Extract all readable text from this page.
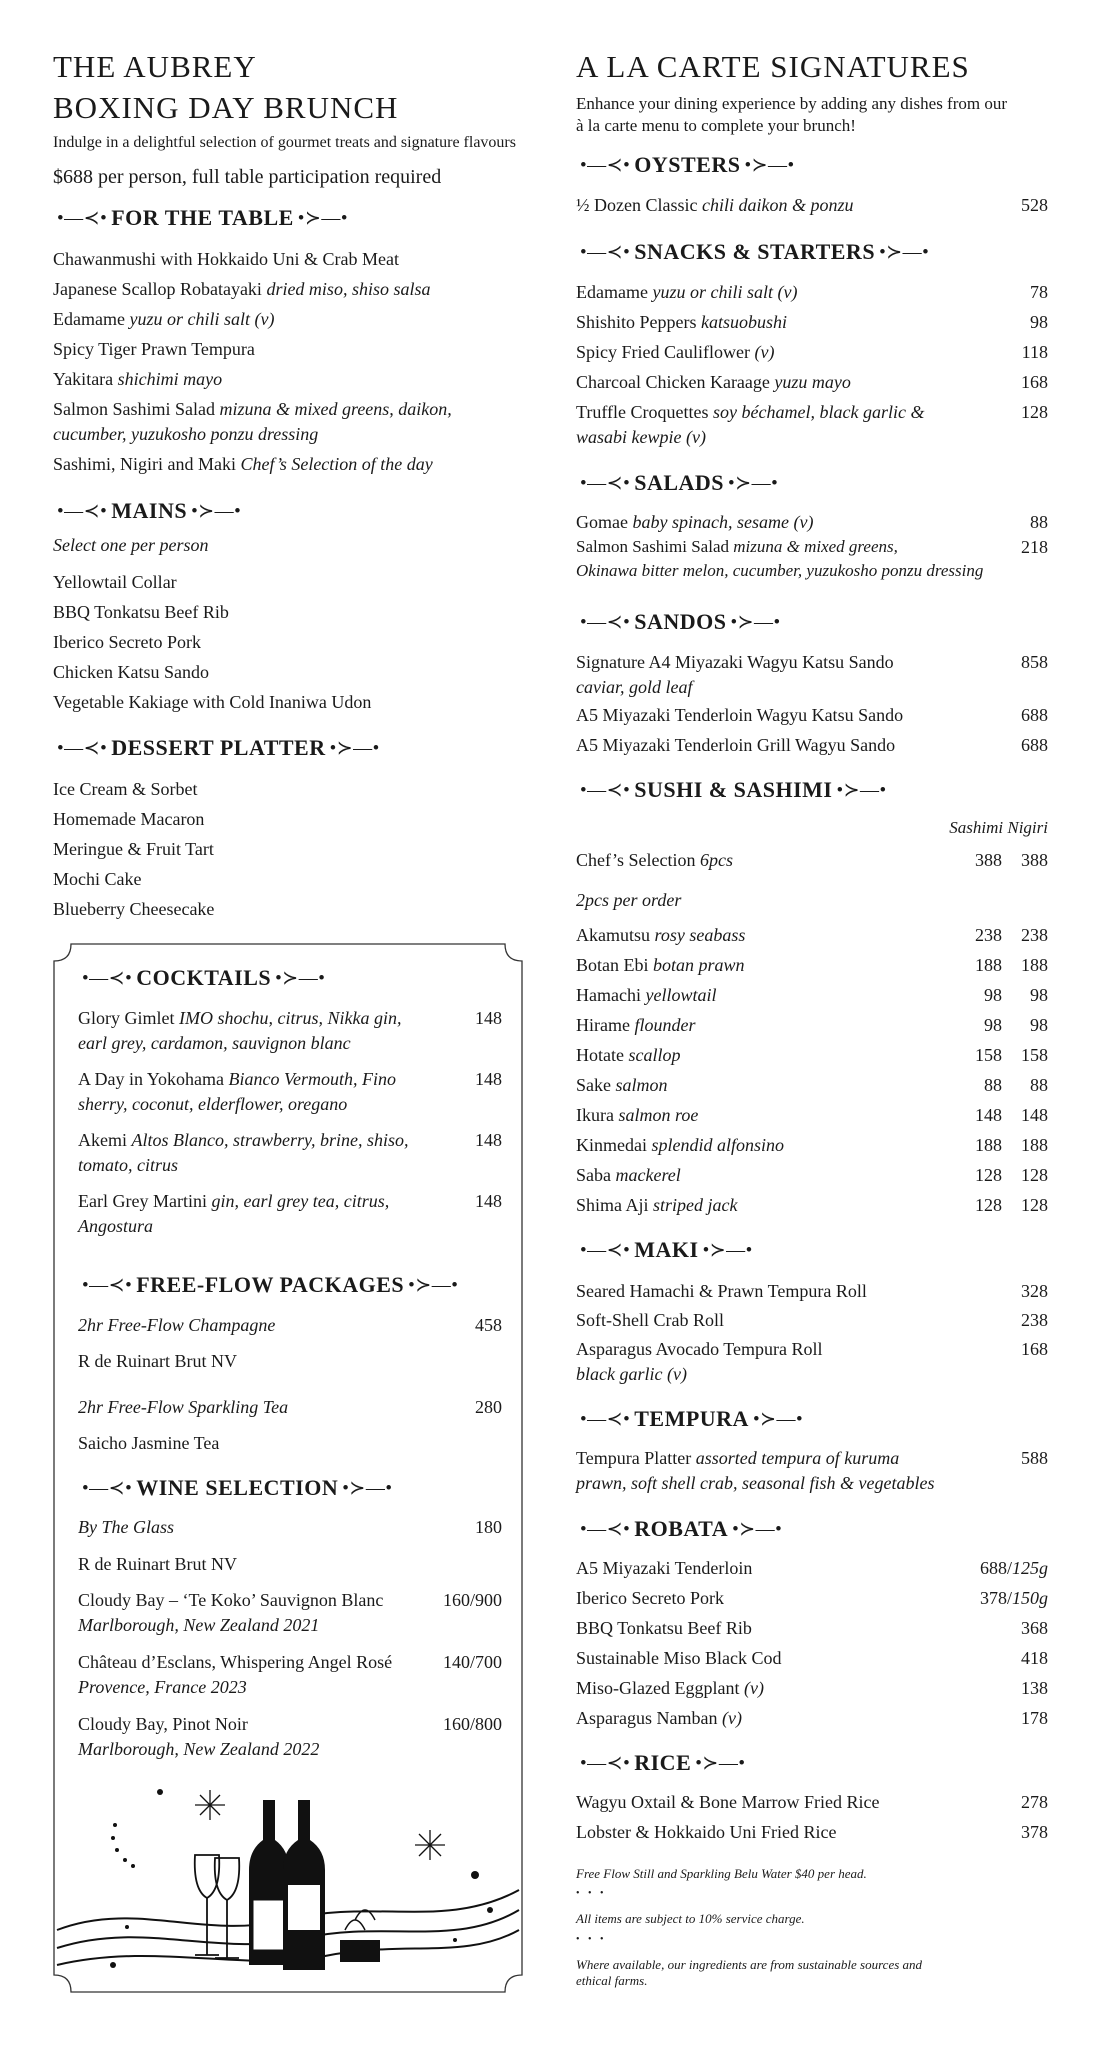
THE AUBREY
BOXING DAY BRUNCH
Indulge in a delightful selection of gourmet treats and signature flavours
$688 per person, full table participation required
•—≺• FOR THE TABLE •≻—•
Chawanmushi with Hokkaido Uni & Crab Meat
Japanese Scallop Robatayaki dried miso, shiso salsa
Edamame yuzu or chili salt (v)
Spicy Tiger Prawn Tempura
Yakitara shichimi mayo
Salmon Sashimi Salad mizuna & mixed greens, daikon,
cucumber, yuzukosho ponzu dressing
Sashimi, Nigiri and Maki Chef’s Selection of the day
•—≺• MAINS •≻—•
Select one per person
Yellowtail Collar
BBQ Tonkatsu Beef Rib
Iberico Secreto Pork
Chicken Katsu Sando
Vegetable Kakiage with Cold Inaniwa Udon
•—≺• DESSERT PLATTER •≻—•
Ice Cream & Sorbet
Homemade Macaron
Meringue & Fruit Tart
Mochi Cake
Blueberry Cheesecake
•—≺• COCKTAILS •≻—•
Glory Gimlet IMO shochu, citrus, Nikka gin,
earl grey, cardamon, sauvignon blanc
148
A Day in Yokohama Bianco Vermouth, Fino
sherry, coconut, elderflower, oregano
148
Akemi Altos Blanco, strawberry, brine, shiso,
tomato, citrus
148
Earl Grey Martini gin, earl grey tea, citrus,
Angostura
148
•—≺• FREE-FLOW PACKAGES •≻—•
2hr Free-Flow Champagne	458
R de Ruinart Brut NV
2hr Free-Flow Sparkling Tea	280
Saicho Jasmine Tea
•—≺• WINE SELECTION •≻—•
By The Glass	180
R de Ruinart Brut NV
Cloudy Bay – ‘Te Koko’ Sauvignon Blanc
Marlborough, New Zealand 2021
160/900
Château d’Esclans, Whispering Angel Rosé
Provence, France 2023
140/700
Cloudy Bay, Pinot Noir
Marlborough, New Zealand 2022
160/800
A LA CARTE SIGNATURES
Enhance your dining experience by adding any dishes from our
à la carte menu to complete your brunch!
•—≺• OYSTERS •≻—•
½ Dozen Classic chili daikon & ponzu	528
•—≺• SNACKS & STARTERS •≻—•
Edamame yuzu or chili salt (v)	78
Shishito Peppers katsuobushi	98
Spicy Fried Cauliflower (v)	118
Charcoal Chicken Karaage yuzu mayo	168
Truffle Croquettes soy béchamel, black garlic &
wasabi kewpie (v)
128
•—≺• SALADS •≻—•
Gomae baby spinach, sesame (v)	88
Salmon Sashimi Salad mizuna & mixed greens,
Okinawa bitter melon, cucumber, yuzukosho ponzu dressing
218
•—≺• SANDOS •≻—•
Signature A4 Miyazaki Wagyu Katsu Sando
caviar, gold leaf
858
A5 Miyazaki Tenderloin Wagyu Katsu Sando	688
A5 Miyazaki Tenderloin Grill Wagyu Sando	688
•—≺• SUSHI & SASHIMI •≻—•
Sashimi Nigiri
Chef’s Selection 6pcs	388	388
2pcs per order
Akamutsu rosy seabass	238	238
Botan Ebi botan prawn	188	188
Hamachi yellowtail	98	98
Hirame flounder	98	98
Hotate scallop	158	158
Sake salmon	88	88
Ikura salmon roe	148	148
Kinmedai splendid alfonsino	188	188
Saba mackerel	128	128
Shima Aji striped jack	128	128
•—≺• MAKI •≻—•
Seared Hamachi & Prawn Tempura Roll	328
Soft-Shell Crab Roll	238
Asparagus Avocado Tempura Roll
black garlic (v)
168
•—≺• TEMPURA •≻—•
Tempura Platter assorted tempura of kuruma
prawn, soft shell crab, seasonal fish & vegetables
588
•—≺• ROBATA •≻—•
A5 Miyazaki Tenderloin	688/125g
Iberico Secreto Pork	378/150g
BBQ Tonkatsu Beef Rib	368
Sustainable Miso Black Cod	418
Miso-Glazed Eggplant (v)	138
Asparagus Namban (v)	178
•—≺• RICE •≻—•
Wagyu Oxtail & Bone Marrow Fried Rice	278
Lobster & Hokkaido Uni Fried Rice	378
Free Flow Still and Sparkling Belu Water $40 per head.
• • •
All items are subject to 10% service charge.
• • •
Where available, our ingredients are from sustainable sources and
ethical farms.
